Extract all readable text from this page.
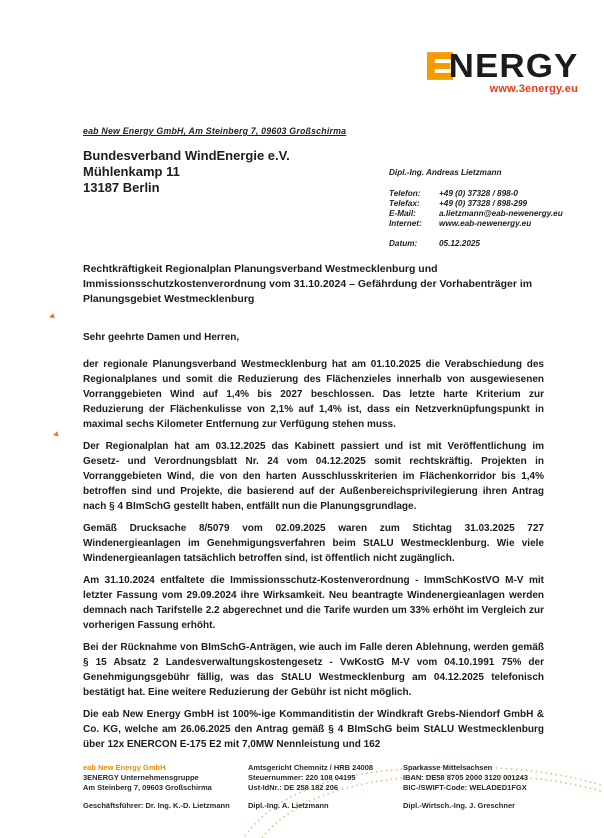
NERGY
www.3energy.eu
eab New Energy GmbH, Am Steinberg 7, 09603 Großschirma
Bundesverband WindEnergie e.V.
Mühlenkamp 11
13187 Berlin
Dipl.-Ing. Andreas Lietzmann
Telefon:	+49 (0) 37328 / 898-0
Telefax:	+49 (0) 37328 / 898-299
E-Mail:	a.lietzmann@eab-newenergy.eu
Internet:	www.eab-newenergy.eu
Datum:	05.12.2025
Rechtkräftigkeit Regionalplan Planungsverband Westmecklenburg und Immissionsschutzkostenverordnung vom 31.10.2024 – Gefährdung der Vorhabenträger im Planungsgebiet Westmecklenburg
◄
◄

Sehr geehrte Damen und Herren,

der regionale Planungsverband Westmecklenburg hat am 01.10.2025 die Verabschiedung des Regionalplanes und somit die Reduzierung des Flächenzieles innerhalb von ausgewiesenen Vorranggebieten Wind auf 1,4% bis 2027 beschlossen. Das letzte harte Kriterium zur Reduzierung der Flächenkulisse von 2,1% auf 1,4% ist, dass ein Netzverknüpfungspunkt in maximal sechs Kilometer Entfernung zur Verfügung stehen muss.

Der Regionalplan hat am 03.12.2025 das Kabinett passiert und ist mit Veröffentlichung im Gesetz- und Verordnungsblatt Nr. 24 vom 04.12.2025 somit rechtskräftig. Projekten in Vorranggebieten Wind, die von den harten Ausschlusskriterien im Flächenkorridor bis 1,4% betroffen sind und Projekte, die basierend auf der Außenbereichsprivilegierung ihren Antrag nach § 4 BImSchG gestellt haben, entfällt nun die Planungsgrundlage.

Gemäß Drucksache 8/5079 vom 02.09.2025 waren zum Stichtag 31.03.2025 727 Windenergieanlagen im Genehmigungsverfahren beim StALU Westmecklenburg. Wie viele Windenergieanlagen tatsächlich betroffen sind, ist öffentlich nicht zugänglich.

Am 31.10.2024 entfaltete die Immissionsschutz-Kostenverordnung - ImmSchKostVO M-V mit letzter Fassung vom 29.09.2024 ihre Wirksamkeit. Neu beantragte Windenergieanlagen werden demnach nach Tarifstelle 2.2 abgerechnet und die Tarife wurden um 33% erhöht im Vergleich zur vorherigen Fassung erhöht.

Bei der Rücknahme von BImSchG-Anträgen, wie auch im Falle deren Ablehnung, werden gemäß § 15 Absatz 2 Landesverwaltungskostengesetz - VwKostG M-V vom 04.10.1991 75% der Genehmigungsgebühr fällig, was das StALU Westmecklenburg am 04.12.2025 telefonisch bestätigt hat. Eine weitere Reduzierung der Gebühr ist nicht möglich.

Die eab New Energy GmbH ist 100%-ige Kommanditistin der Windkraft Grebs-Niendorf GmbH & Co. KG, welche am 26.06.2025 den Antrag gemäß § 4 BImSchG beim StALU Westmecklenburg über 12x ENERCON E-175 E2 mit 7,0MW Nennleistung und 162

eab New Energy GmbH
3ENERGY Unternehmensgruppe
Am Steinberg 7, 09603 Großschirma
Geschäftsführer: Dr. Ing. K.-D. Lietzmann
Amtsgericht Chemnitz / HRB 24008
Steuernummer: 220 108 04195
Ust-IdNr.: DE 258 182 206
Dipl.-Ing. A. Lietzmann
Sparkasse Mittelsachsen
IBAN: DE58 8705 2000 3120 001243
BIC-/SWIFT-Code: WELADED1FGX
Dipl.-Wirtsch.-Ing. J. Greschner
